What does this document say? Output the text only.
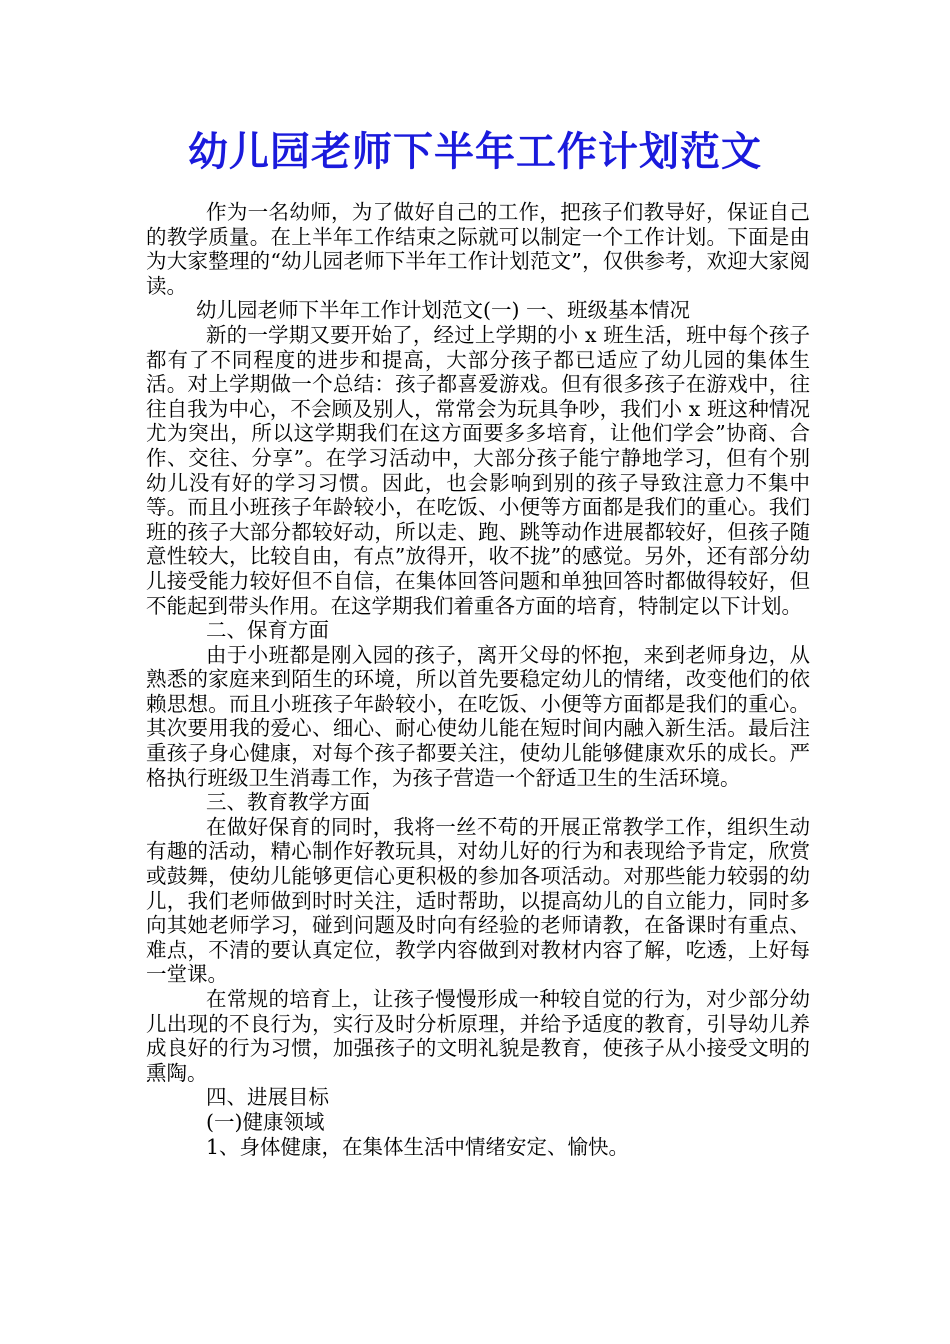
幼儿园老师下半年工作计划范文

作为一名幼师，为了做好自己的工作，把孩子们教导好，保证自己的教学质量。在上半年工作结束之际就可以制定一个工作计划。下面是由为大家整理的“幼儿园老师下半年工作计划范文”，仅供参考，欢迎大家阅读。

幼儿园老师下半年工作计划范文(一) 一、班级基本情况

新的一学期又要开始了，经过上学期的小 x 班生活，班中每个孩子都有了不同程度的进步和提高，大部分孩子都已适应了幼儿园的集体生活。对上学期做一个总结：孩子都喜爱游戏。但有很多孩子在游戏中，往往自我为中心，不会顾及别人，常常会为玩具争吵，我们小 x 班这种情况尤为突出，所以这学期我们在这方面要多多培育，让他们学会”协商、合作、交往、分享”。在学习活动中，大部分孩子能宁静地学习，但有个别幼儿没有好的学习习惯。因此，也会影响到别的孩子导致注意力不集中等。而且小班孩子年龄较小，在吃饭、小便等方面都是我们的重心。我们班的孩子大部分都较好动，所以走、跑、跳等动作进展都较好，但孩子随意性较大，比较自由，有点”放得开，收不拢”的感觉。另外，还有部分幼儿接受能力较好但不自信，在集体回答问题和单独回答时都做得较好，但不能起到带头作用。在这学期我们着重各方面的培育，特制定以下计划。

二、保育方面

由于小班都是刚入园的孩子，离开父母的怀抱，来到老师身边，从熟悉的家庭来到陌生的环境，所以首先要稳定幼儿的情绪，改变他们的依赖思想。而且小班孩子年龄较小，在吃饭、小便等方面都是我们的重心。其次要用我的爱心、细心、耐心使幼儿能在短时间内融入新生活。最后注重孩子身心健康，对每个孩子都要关注，使幼儿能够健康欢乐的成长。严格执行班级卫生消毒工作，为孩子营造一个舒适卫生的生活环境。

三、教育教学方面

在做好保育的同时，我将一丝不苟的开展正常教学工作，组织生动有趣的活动，精心制作好教玩具，对幼儿好的行为和表现给予肯定，欣赏或鼓舞，使幼儿能够更信心更积极的参加各项活动。对那些能力较弱的幼儿，我们老师做到时时关注，适时帮助，以提高幼儿的自立能力，同时多向其她老师学习，碰到问题及时向有经验的老师请教，在备课时有重点、难点，不清的要认真定位，教学内容做到对教材内容了解，吃透，上好每一堂课。

在常规的培育上，让孩子慢慢形成一种较自觉的行为，对少部分幼儿出现的不良行为，实行及时分析原理，并给予适度的教育，引导幼儿养成良好的行为习惯，加强孩子的文明礼貌是教育，使孩子从小接受文明的熏陶。

四、进展目标

(一)健康领域

1、身体健康，在集体生活中情绪安定、愉快。
